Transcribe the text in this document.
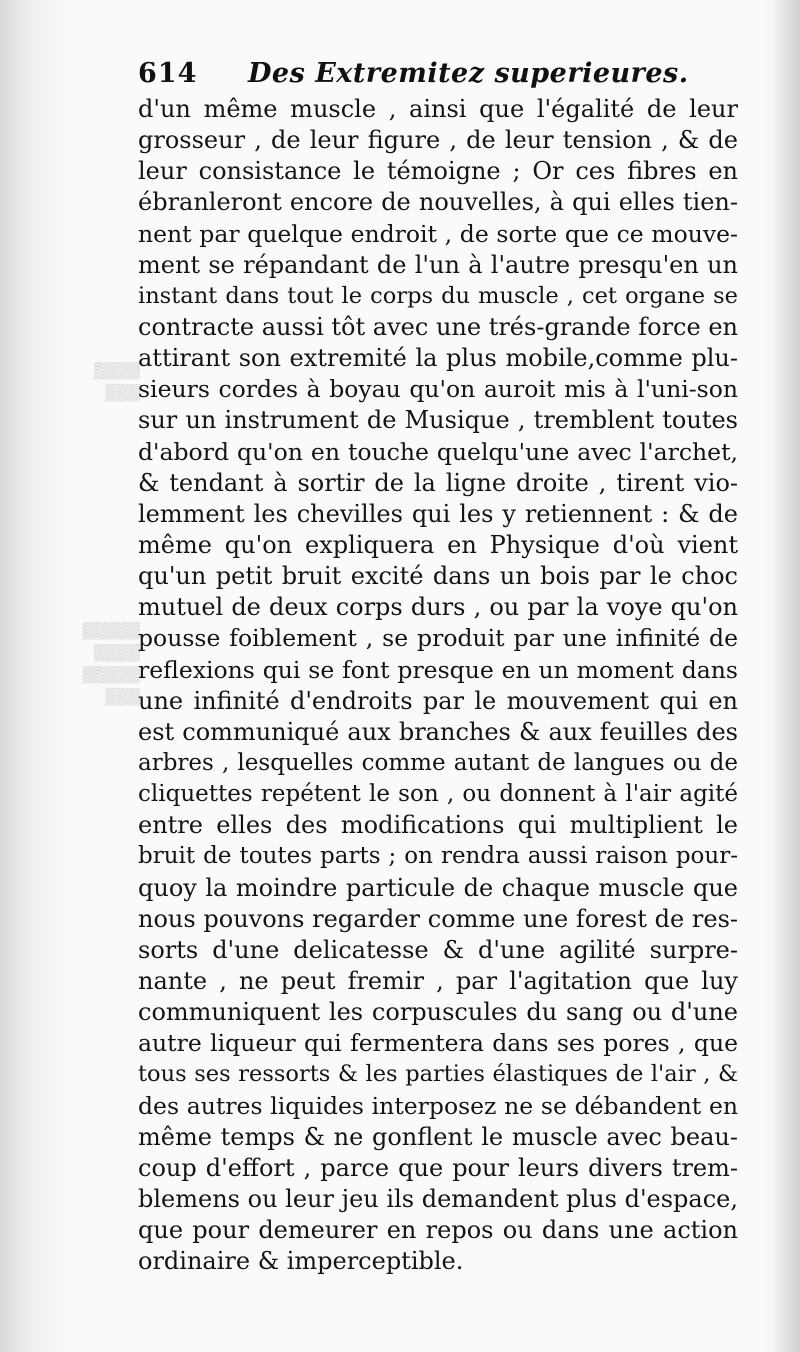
▒▒▒▒
▒▒▒
▒▒▒▒▒
▒▒▒▒
▒▒▒▒▒
▒▒▒
614 Des Extremitez superieures.
d'un même muscle , ainsi que l'égalité de leur
grosseur , de leur figure , de leur tension , & de
leur consistance le témoigne ; Or ces fibres en
ébranleront encore de nouvelles, à qui elles tien-
nent par quelque endroit , de sorte que ce mouve-
ment se répandant de l'un à l'autre presqu'en un
instant dans tout le corps du muscle , cet organe se
contracte aussi tôt avec une trés-grande force en
attirant son extremité la plus mobile,comme plu-
sieurs cordes à boyau qu'on auroit mis à l'uni-son
sur un instrument de Musique , tremblent toutes
d'abord qu'on en touche quelqu'une avec l'archet,
& tendant à sortir de la ligne droite , tirent vio-
lemment les chevilles qui les y retiennent : & de
même qu'on expliquera en Physique d'où vient
qu'un petit bruit excité dans un bois par le choc
mutuel de deux corps durs , ou par la voye qu'on
pousse foiblement , se produit par une infinité de
reflexions qui se font presque en un moment dans
une infinité d'endroits par le mouvement qui en
est communiqué aux branches & aux feuilles des
arbres , lesquelles comme autant de langues ou de
cliquettes repétent le son , ou donnent à l'air agité
entre elles des modifications qui multiplient le
bruit de toutes parts ; on rendra aussi raison pour-
quoy la moindre particule de chaque muscle que
nous pouvons regarder comme une forest de res-
sorts d'une delicatesse & d'une agilité surpre-
nante , ne peut fremir , par l'agitation que luy
communiquent les corpuscules du sang ou d'une
autre liqueur qui fermentera dans ses pores , que
tous ses ressorts & les parties élastiques de l'air , &
des autres liquides interposez ne se débandent en
même temps & ne gonflent le muscle avec beau-
coup d'effort , parce que pour leurs divers trem-
blemens ou leur jeu ils demandent plus d'espace,
que pour demeurer en repos ou dans une action
ordinaire & imperceptible.
